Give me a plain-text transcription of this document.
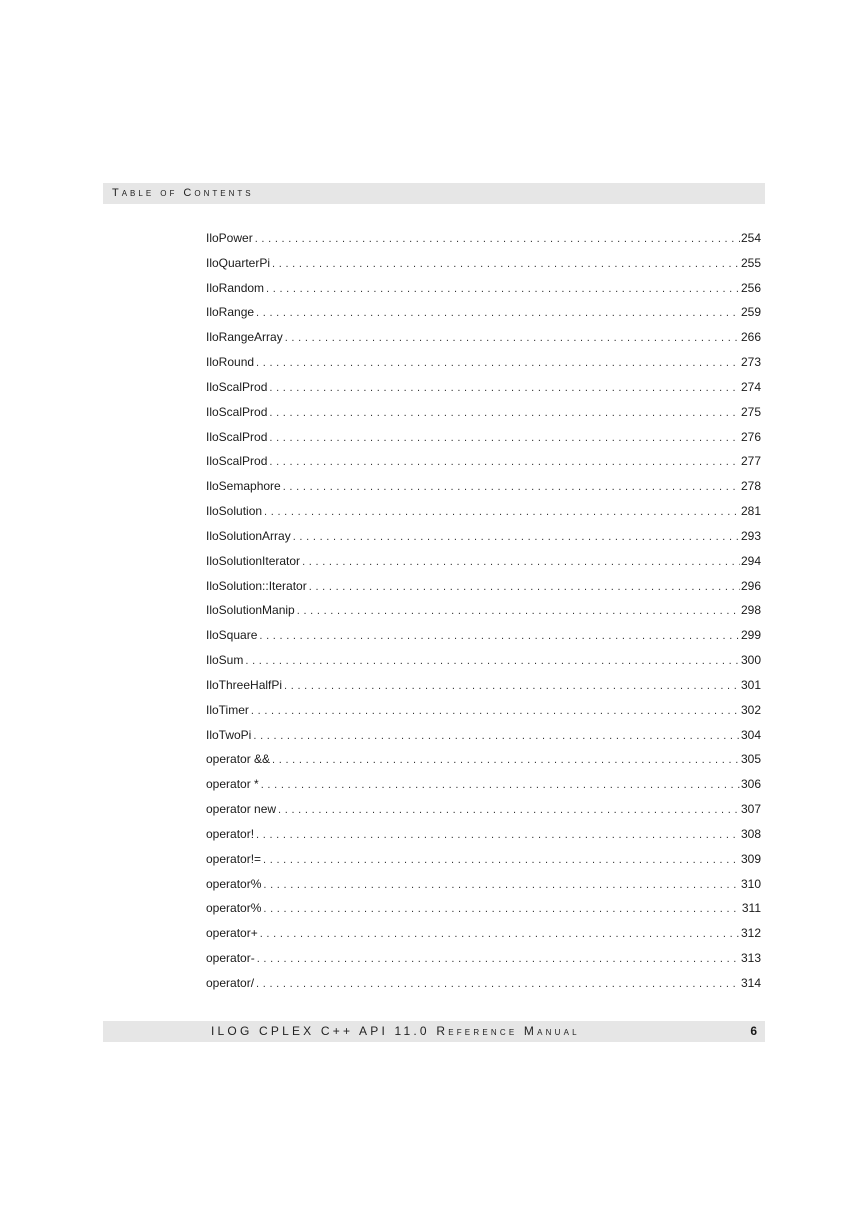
Table of Contents
IloPower . . .	254
IloQuarterPi . . .	255
IloRandom . . .	256
IloRange . . .	259
IloRangeArray . . .	266
IloRound . . .	273
IloScalProd . . .	274
IloScalProd . . .	275
IloScalProd . . .	276
IloScalProd . . .	277
IloSemaphore . . .	278
IloSolution . . .	281
IloSolutionArray . . .	293
IloSolutionIterator . . .	294
IloSolution::Iterator . . .	296
IloSolutionManip . . .	298
IloSquare . . .	299
IloSum . . .	300
IloThreeHalfPi . . .	301
IloTimer . . .	302
IloTwoPi . . .	304
operator && . . .	305
operator * . . .	306
operator new . . .	307
operator! . . .	308
operator!= . . .	309
operator% . . .	310
operator% . . .	311
operator+ . . .	312
operator- . . .	313
operator/ . . .	314
ILOG CPLEX C++ API 11.0 Reference Manual	6
